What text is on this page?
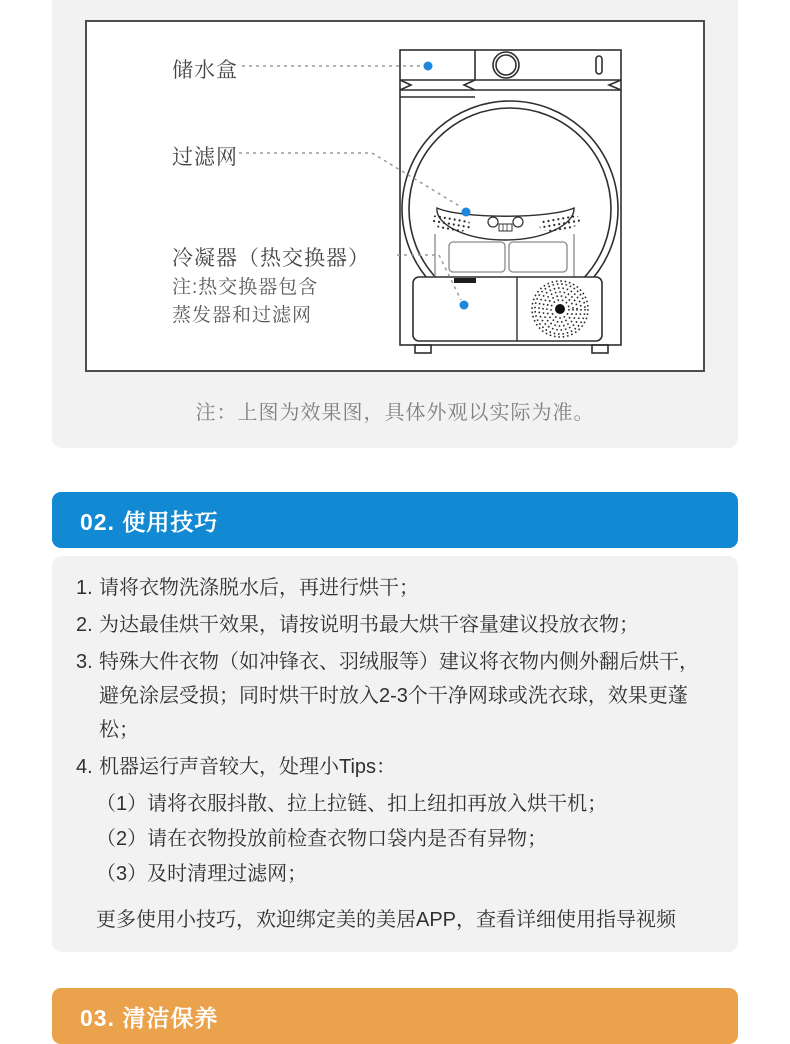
储水盒
过滤网
冷凝器（热交换器）
注:热交换器包含
蒸发器和过滤网
注：上图为效果图，具体外观以实际为准。
02. 使用技巧
1. 请将衣物洗涤脱水后，再进行烘干；
2. 为达最佳烘干效果，请按说明书最大烘干容量建议投放衣物；
3. 特殊大件衣物（如冲锋衣、羽绒服等）建议将衣物内侧外翻后烘干，避免涂层受损；同时烘干时放入2-3个干净网球或洗衣球，效果更蓬松；
4. 机器运行声音较大，处理小Tips：
（1）请将衣服抖散、拉上拉链、扣上纽扣再放入烘干机；
（2）请在衣物投放前检查衣物口袋内是否有异物；
（3）及时清理过滤网；
更多使用小技巧，欢迎绑定美的美居APP，查看详细使用指导视频
03. 清洁保养
